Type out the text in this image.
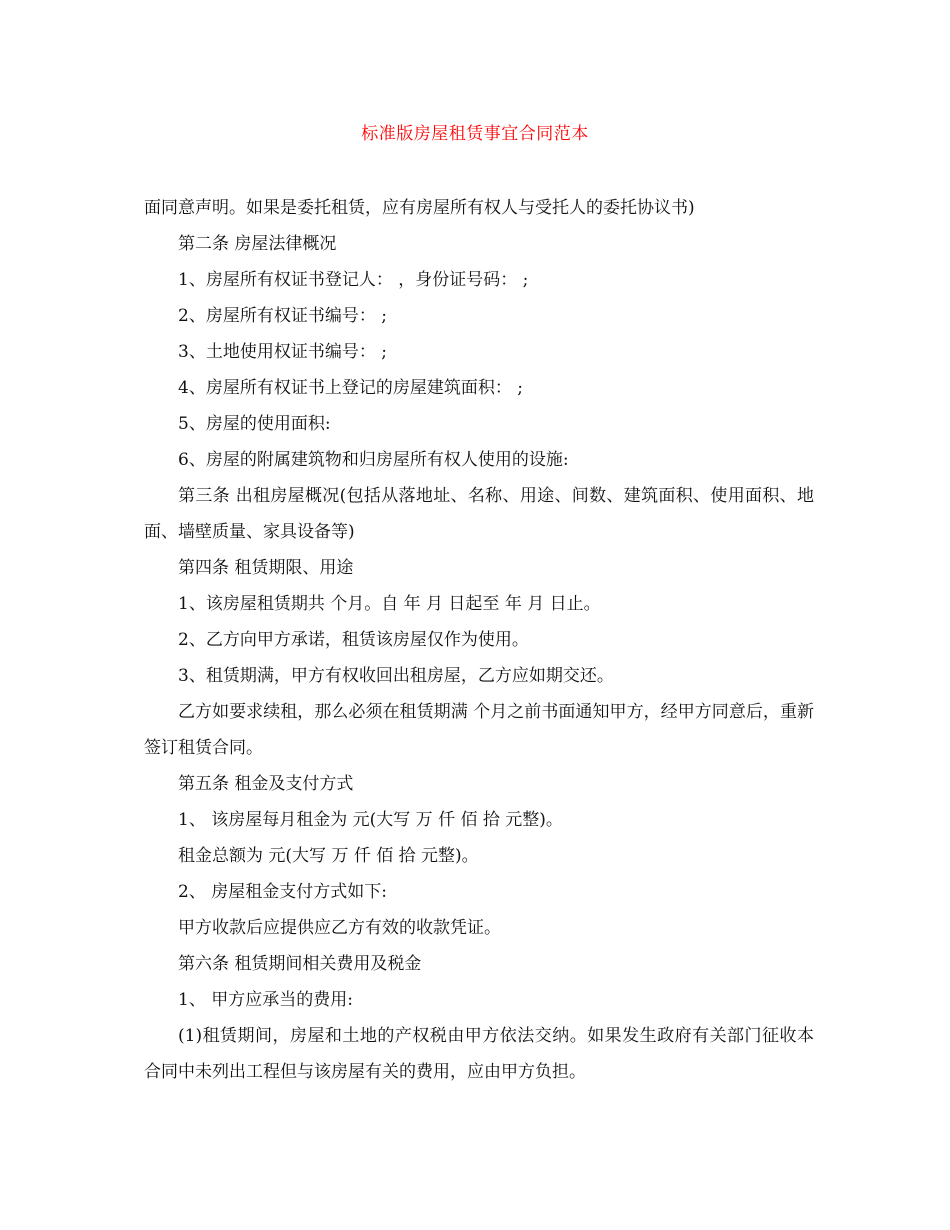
标准版房屋租赁事宜合同范本

面同意声明。如果是委托租赁，应有房屋所有权人与受托人的委托协议书)

第二条 房屋法律概况

1、房屋所有权证书登记人： ，身份证号码： ;

2、房屋所有权证书编号： ;

3、土地使用权证书编号： ;

4、房屋所有权证书上登记的房屋建筑面积： ;

5、房屋的使用面积:

6、房屋的附属建筑物和归房屋所有权人使用的设施:

第三条 出租房屋概况(包括从落地址、名称、用途、间数、建筑面积、使用面积、地面、墙壁质量、家具设备等)

第四条 租赁期限、用途

1、该房屋租赁期共 个月。自 年 月 日起至 年 月 日止。

2、乙方向甲方承诺，租赁该房屋仅作为使用。

3、租赁期满，甲方有权收回出租房屋，乙方应如期交还。

乙方如要求续租，那么必须在租赁期满 个月之前书面通知甲方，经甲方同意后，重新签订租赁合同。

第五条 租金及支付方式

1、 该房屋每月租金为 元(大写 万 仟 佰 拾 元整)。

租金总额为 元(大写 万 仟 佰 拾 元整)。

2、 房屋租金支付方式如下:

甲方收款后应提供应乙方有效的收款凭证。

第六条 租赁期间相关费用及税金

1、 甲方应承当的费用:

(1)租赁期间，房屋和土地的产权税由甲方依法交纳。如果发生政府有关部门征收本合同中未列出工程但与该房屋有关的费用，应由甲方负担。
